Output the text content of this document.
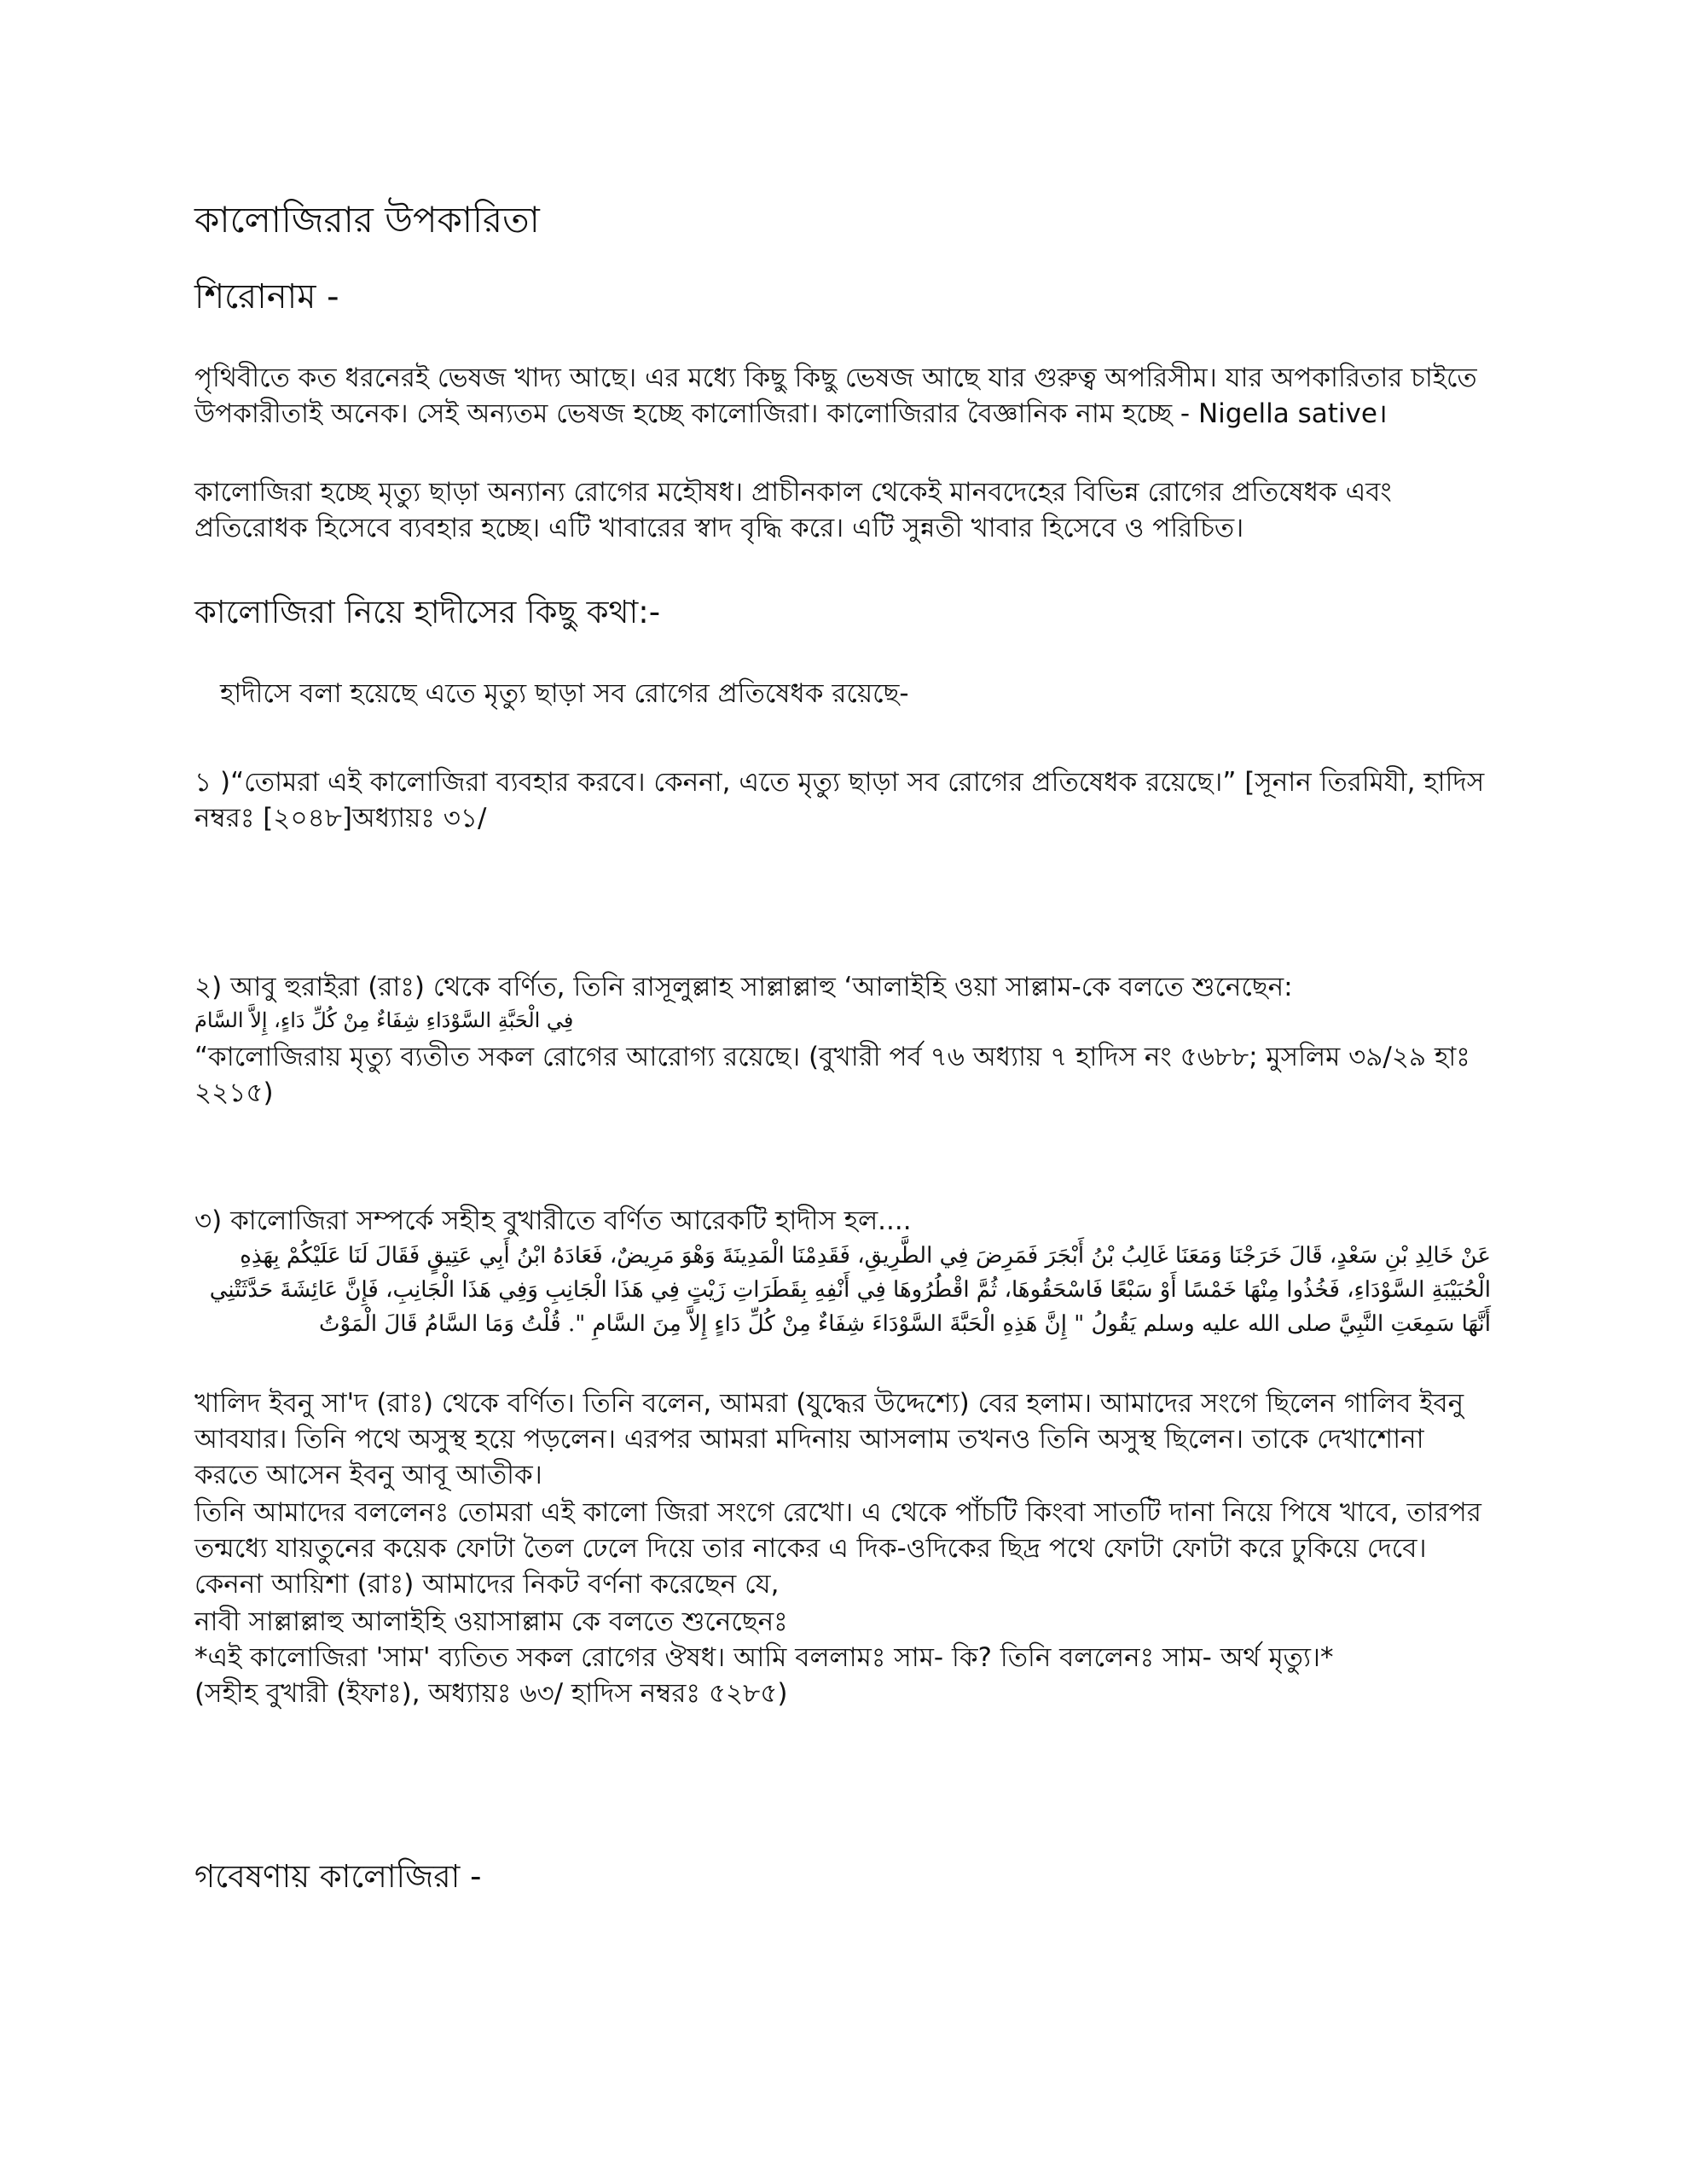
কালোজিরার উপকারিতা
শিরোনাম -

পৃথিবীতে কত ধরনেরই ভেষজ খাদ্য আছে। এর মধ্যে কিছু কিছু ভেষজ আছে যার গুরুত্ব অপরিসীম। যার অপকারিতার চাইতে উপকারীতাই অনেক। সেই অন্যতম ভেষজ হচ্ছে কালোজিরা। কালোজিরার বৈজ্ঞানিক নাম হচ্ছে - Nigella sative।

কালোজিরা হচ্ছে মৃত্যু ছাড়া অন্যান্য রোগের মহৌষধ। প্রাচীনকাল থেকেই মানবদেহের বিভিন্ন রোগের প্রতিষেধক এবং প্রতিরোধক হিসেবে ব্যবহার হচ্ছে। এটি খাবারের স্বাদ বৃদ্ধি করে। এটি সুন্নতী খাবার হিসেবে ও পরিচিত।

কালোজিরা নিয়ে হাদীসের কিছু কথা:-

হাদীসে বলা হয়েছে এতে মৃত্যু ছাড়া সব রোগের প্রতিষেধক রয়েছে-

১ )“তোমরা এই কালোজিরা ব্যবহার করবে। কেননা, এতে মৃত্যু ছাড়া সব রোগের প্রতিষেধক রয়েছে।” [সূনান তিরমিযী, হাদিস নম্বরঃ [২০৪৮]অধ্যায়ঃ ৩১/

২) আবু হুরাইরা (রাঃ) থেকে বর্ণিত, তিনি রাসূলুল্লাহ সাল্লাল্লাহু ‘আলাইহি ওয়া সাল্লাম-কে বলতে শুনেছেন:

فِي الْحَبَّةِ السَّوْدَاءِ شِفَاءٌ مِنْ كُلِّ دَاءٍ، إِلاَّ السَّامَ

“কালোজিরায় মৃত্যু ব্যতীত সকল রোগের আরোগ্য রয়েছে। (বুখারী পর্ব ৭৬ অধ্যায় ৭ হাদিস নং ৫৬৮৮; মুসলিম ৩৯/২৯ হাঃ ২২১৫)

৩) কালোজিরা সম্পর্কে সহীহ বুখারীতে বর্ণিত আরেকটি হাদীস হল....

عَنْ خَالِدِ بْنِ سَعْدٍ، قَالَ خَرَجْنَا وَمَعَنَا غَالِبُ بْنُ أَبْجَرَ فَمَرِضَ فِي الطَّرِيقِ، فَقَدِمْنَا الْمَدِينَةَ وَهْوَ مَرِيضٌ، فَعَادَهُ ابْنُ أَبِي عَتِيقٍ فَقَالَ لَنَا عَلَيْكُمْ بِهَذِهِ الْحُبَيْبَةِ السَّوْدَاءِ، فَخُذُوا مِنْهَا خَمْسًا أَوْ سَبْعًا فَاسْحَقُوهَا، ثُمَّ اقْطُرُوهَا فِي أَنْفِهِ بِقَطَرَاتِ زَيْتٍ فِي هَذَا الْجَانِبِ وَفِي هَذَا الْجَانِبِ، فَإِنَّ عَائِشَةَ حَدَّثَتْنِي أَنَّهَا سَمِعَتِ النَّبِيَّ صلى الله عليه وسلم يَقُولُ " إِنَّ هَذِهِ الْحَبَّةَ السَّوْدَاءَ شِفَاءٌ مِنْ كُلِّ دَاءٍ إِلاَّ مِنَ السَّامِ ". قُلْتُ وَمَا السَّامُ قَالَ الْمَوْتُ

খালিদ ইবনু সা'দ (রাঃ) থেকে বর্ণিত। তিনি বলেন, আমরা (যুদ্ধের উদ্দেশ্যে) বের হলাম। আমাদের সংগে ছিলেন গালিব ইবনু আবযার। তিনি পথে অসুস্থ হয়ে পড়লেন। এরপর আমরা মদিনায় আসলাম তখনও তিনি অসুস্থ ছিলেন। তাকে দেখাশোনা করতে আসেন ইবনু আবূ আতীক।

তিনি আমাদের বললেনঃ তোমরা এই কালো জিরা সংগে রেখো। এ থেকে পাঁচটি কিংবা সাতটি দানা নিয়ে পিষে খাবে, তারপর তন্মধ্যে যায়তুনের কয়েক ফোটা তৈল ঢেলে দিয়ে তার নাকের এ দিক-ওদিকের ছিদ্র পথে ফোটা ফোটা করে ঢুকিয়ে দেবে। কেননা আয়িশা (রাঃ) আমাদের নিকট বর্ণনা করেছেন যে,

নাবী সাল্লাল্লাহু আলাইহি ওয়াসাল্লাম কে বলতে শুনেছেনঃ

*এই কালোজিরা 'সাম' ব্যতিত সকল রোগের ঔষধ। আমি বললামঃ সাম- কি? তিনি বললেনঃ সাম- অর্থ মৃত্যু।*

(সহীহ বুখারী (ইফাঃ), অধ্যায়ঃ ৬৩/ হাদিস নম্বরঃ ৫২৮৫)

গবেষণায় কালোজিরা -
